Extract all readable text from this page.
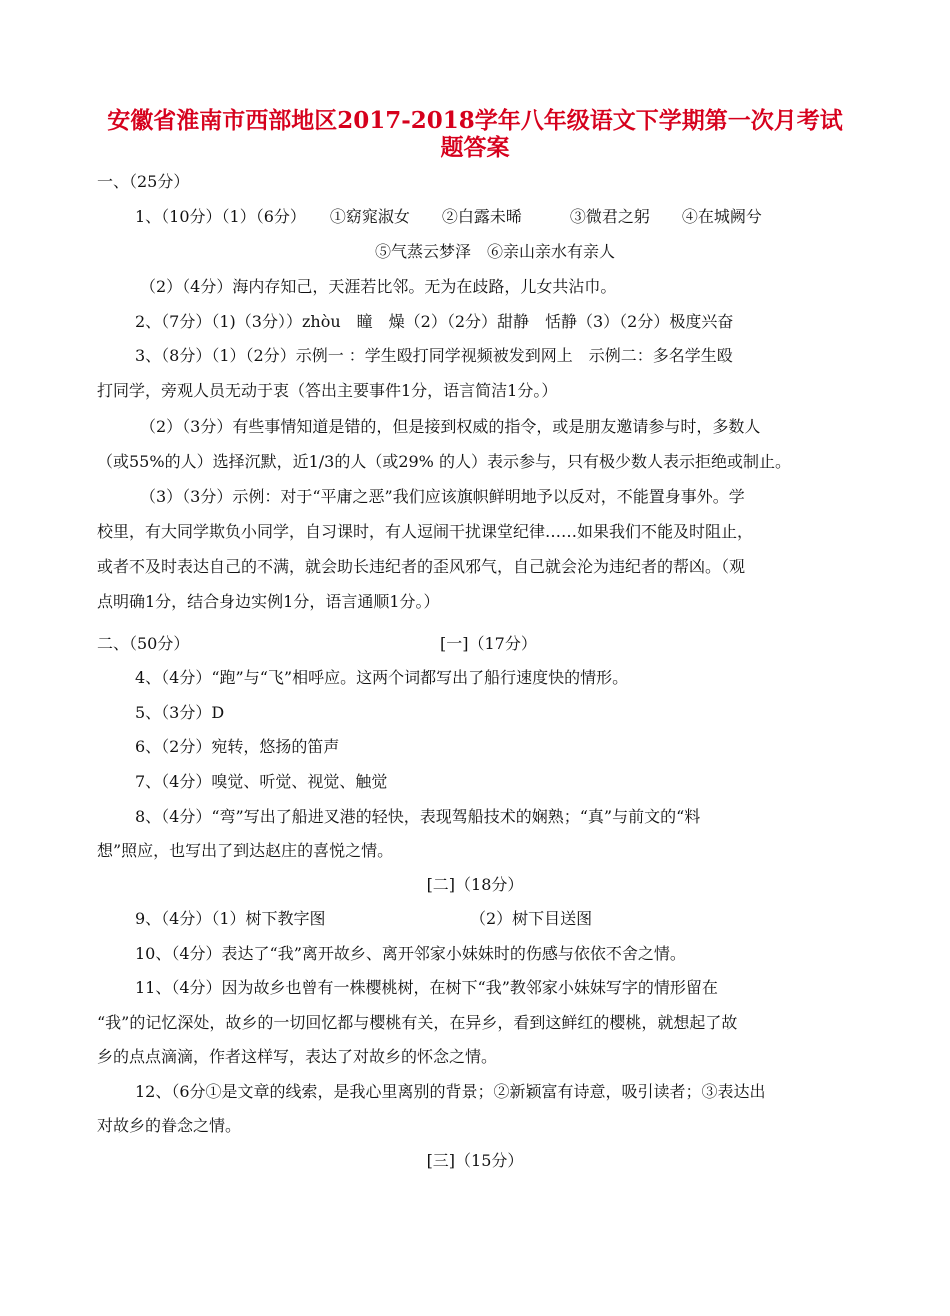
安徽省淮南市西部地区2017-2018学年八年级语文下学期第一次月考试
题答案
一、（25分）
1、（10分）（1）（6分）　　①窈窕淑女　　②白露未晞　　　③微君之躬　　④在城阙兮
⑤气蒸云梦泽　⑥亲山亲水有亲人
（2）（4分）海内存知己，天涯若比邻。无为在歧路，儿女共沾巾。
2、（7分）（1)（3分））zhòu　瞳　燥（2）（2分）甜静　恬静（3）（2分）极度兴奋
3、（8分）（1）（2分）示例一 ：学生殴打同学视频被发到网上　示例二：多名学生殴
打同学，旁观人员无动于衷（答出主要事件1分，语言简洁1分。）
（2）（3分）有些事情知道是错的，但是接到权威的指令，或是朋友邀请参与时，多数人
（或55%的人）选择沉默，近1/3的人（或29% 的人）表示参与，只有极少数人表示拒绝或制止。
（3）（3分）示例：对于“平庸之恶”我们应该旗帜鲜明地予以反对，不能置身事外。学
校里，有大同学欺负小同学，自习课时，有人逗闹干扰课堂纪律……如果我们不能及时阻止，
或者不及时表达自己的不满，就会助长违纪者的歪风邪气，自己就会沦为违纪者的帮凶。（观
点明确1分，结合身边实例1分，语言通顺1分。）
二、（50分）	[一]（17分）
4、（4分）“跑”与“飞”相呼应。这两个词都写出了船行速度快的情形。
5、（3分）D
6、（2分）宛转，悠扬的笛声
7、（4分）嗅觉、听觉、视觉、触觉
8、（4分）“弯”写出了船进叉港的轻快，表现驾船技术的娴熟；“真”与前文的“料
想”照应，也写出了到达赵庄的喜悦之情。
[二]（18分）
9、（4分）（1）树下教字图	（2）树下目送图
10、（4分）表达了“我”离开故乡、离开邻家小妹妹时的伤感与依依不舍之情。
11、（4分）因为故乡也曾有一株樱桃树，在树下“我”教邻家小妹妹写字的情形留在
“我”的记忆深处，故乡的一切回忆都与樱桃有关，在异乡，看到这鲜红的樱桃，就想起了故
乡的点点滴滴，作者这样写，表达了对故乡的怀念之情。
12、（6分①是文章的线索，是我心里离别的背景；②新颖富有诗意，吸引读者；③表达出
对故乡的眷念之情。
[三]（15分）
